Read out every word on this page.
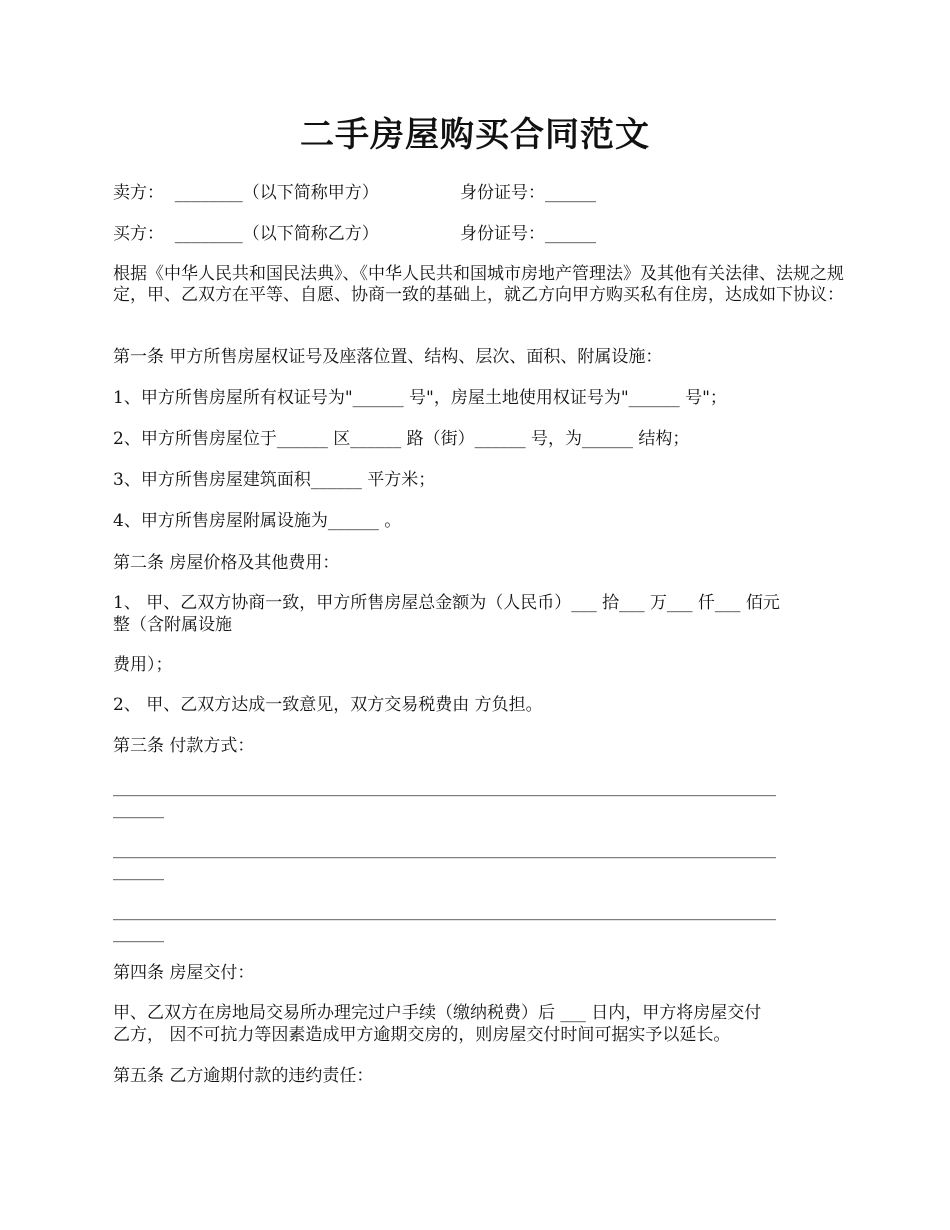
二手房屋购买合同范文
卖方：  ________（以下简称甲方）	身份证号：______
买方：  ________（以下简称乙方）	身份证号：______
根据《中华人民共和国民法典》、《中华人民共和国城市房地产管理法》及其他有关法律、法规之规定，甲、乙双方在平等、自愿、协商一致的基础上，就乙方向甲方购买私有住房，达成如下协议：
第一条 甲方所售房屋权证号及座落位置、结构、层次、面积、附属设施：
1、甲方所售房屋所有权证号为"______ 号"，房屋土地使用权证号为"______ 号"；
2、甲方所售房屋位于______ 区______ 路（街）______ 号，为______ 结构；
3、甲方所售房屋建筑面积______ 平方米；
4、甲方所售房屋附属设施为______ 。
第二条 房屋价格及其他费用：
1、 甲、乙双方协商一致，甲方所售房屋总金额为（人民币）___ 拾___ 万___ 仟___ 佰元
整（含附属设施
费用）；
2、 甲、乙双方达成一致意见，双方交易税费由 方负担。
第三条 付款方式：
______________________________________________________________________________
______
______________________________________________________________________________
______
______________________________________________________________________________
______
第四条 房屋交付：
甲、乙双方在房地局交易所办理完过户手续（缴纳税费）后 ___ 日内，甲方将房屋交付
乙方， 因不可抗力等因素造成甲方逾期交房的，则房屋交付时间可据实予以延长。
第五条 乙方逾期付款的违约责任：
